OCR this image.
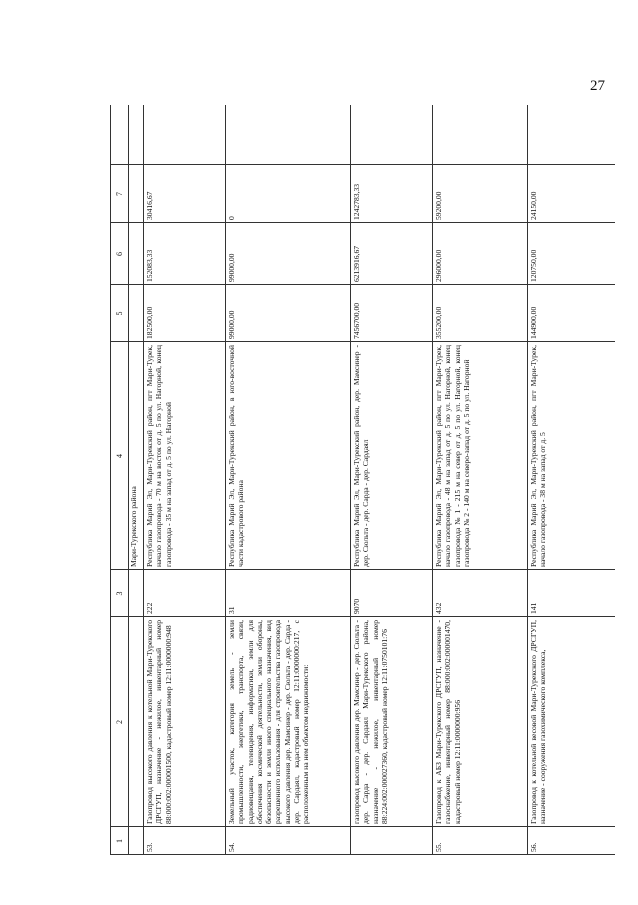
27
1
2
3
4
5
6
7
Мари-Турекского района
53.
Газопровод высокого давления к котельной Мари-Турекского ДРСГУП, назначение - нежилое, инвентарный номер 88:000:002:000001500, кадастровый номер 12:11:0000000:948
222
Республика Марий Эл, Мари-Турекский район, пгт Мари-Турек, начало газопровода - 70 м на восток от д. 5 по ул. Нагорной, конец газопровода - 35 м на запад от д. 5 по ул. Нагорной
182500,00
152083,33
30416,67
54.
Земельный участок, категория земель - земли промышленности, энергетики, транспорта, связи, радиовещания, телевидения, информатики, земли для обеспечения космической деятельности, земли обороны, безопасности и земли иного специального назначения, вид разрешенного использования - для строительства газопровода высокого давления дер. Мамсинер - дер. Сюльта - дер. Сарда - дер. Сардаял, кадастровый номер 12:11:0000000:217, с расположенным на нем объектом недвижимости:
31
Республика Марий Эл, Мари-Турекский район, в юго-восточной части кадастрового района
99000,00
99000,00
0
газопровод высокого давления дер. Мамсинер - дер. Сюльта - дер. Сарда - дер. Сардаял Мари-Турекского района, назначение - нежилое, инвентарный номер 88:224:002:000027360, кадастровый номер 12:11:0750101:76
9070
Республика Марий Эл, Мари-Турекский район, дер. Мамсинер - дер. Сюльта - дер. Сарда - дер. Сардаял
7456700,00
6213916,67
1242783,33
55.
Газопровод к АБЗ Мари-Турекского ДРСГУП, назначение - газоснабжение, инвентарный номер 88:000:002:000001470, кадастровый номер 12:11:0000000:956
432
Республика Марий Эл, Мари-Турекский район, пгт Мари-Турек, начало газопровода - 48 м на запад от д. 5 по ул. Нагорной, конец газопровода № 1 - 215 м на север от д. 5 по ул. Нагорной, конец газопровода № 2 - 140 м на северо-запад от д. 5 по ул. Нагорной
355200,00
296000,00
59200,00
56.
Газопровод к котельной весовой Мари-Турекского ДРСГУП, назначение - сооружения газохимического комплекса,
141
Республика Марий Эл, Мари-Турекский район, пгт Мари-Турек, начало газопровода - 38 м на запад от д. 5
144900,00
120750,00
24150,00
